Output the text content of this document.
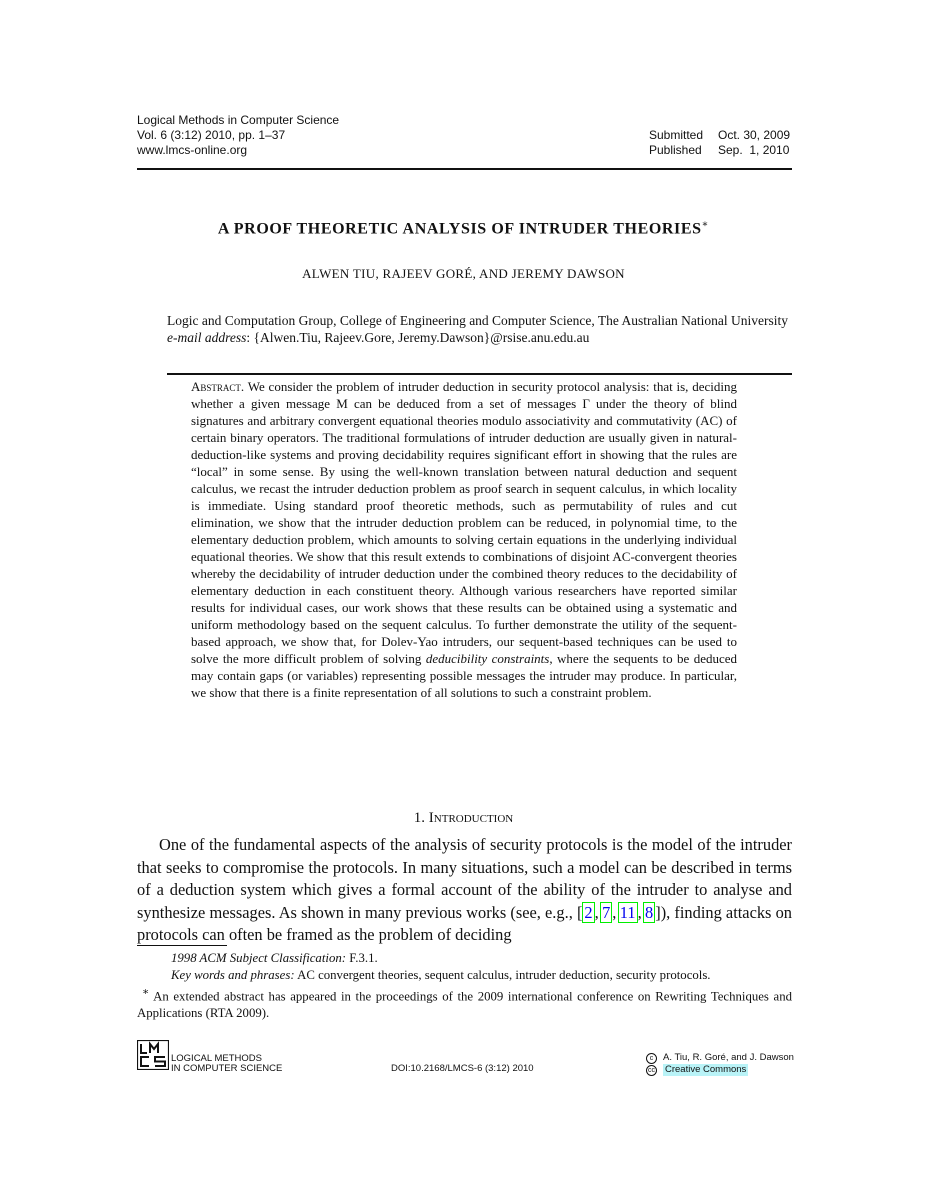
Logical Methods in Computer Science
Vol. 6 (3:12) 2010, pp. 1–37
www.lmcs-online.org
Submitted	Oct. 30, 2009
Published	Sep.  1, 2010
A PROOF THEORETIC ANALYSIS OF INTRUDER THEORIES∗
ALWEN TIU, RAJEEV GORÉ, AND JEREMY DAWSON
Logic and Computation Group, College of Engineering and Computer Science, The Australian National University
e-mail address: {Alwen.Tiu, Rajeev.Gore, Jeremy.Dawson}@rsise.anu.edu.au
Abstract. We consider the problem of intruder deduction in security protocol analysis: that is, deciding whether a given message M can be deduced from a set of messages Γ under the theory of blind signatures and arbitrary convergent equational theories modulo associativity and commutativity (AC) of certain binary operators. The traditional formulations of intruder deduction are usually given in natural-deduction-like systems and proving decidability requires significant effort in showing that the rules are “local” in some sense. By using the well-known translation between natural deduction and sequent calculus, we recast the intruder deduction problem as proof search in sequent calculus, in which locality is immediate. Using standard proof theoretic methods, such as permutability of rules and cut elimination, we show that the intruder deduction problem can be reduced, in polynomial time, to the elementary deduction problem, which amounts to solving certain equations in the underlying individual equational theories. We show that this result extends to combinations of disjoint AC-convergent theories whereby the decidability of intruder deduction under the combined theory reduces to the decidability of elementary deduction in each constituent theory. Although various researchers have reported similar results for individual cases, our work shows that these results can be obtained using a systematic and uniform methodology based on the sequent calculus. To further demonstrate the utility of the sequent-based approach, we show that, for Dolev-Yao intruders, our sequent-based techniques can be used to solve the more difficult problem of solving deducibility constraints, where the sequents to be deduced may contain gaps (or variables) representing possible messages the intruder may produce. In particular, we show that there is a finite representation of all solutions to such a constraint problem.
1. Introduction
One of the fundamental aspects of the analysis of security protocols is the model of the intruder that seeks to compromise the protocols. In many situations, such a model can be described in terms of a deduction system which gives a formal account of the ability of the intruder to analyse and synthesize messages. As shown in many previous works (see, e.g., [ 2 , 7 , 11 , 8 ]), finding attacks on protocols can often be framed as the problem of deciding
1998 ACM Subject Classification: F.3.1.
Key words and phrases: AC convergent theories, sequent calculus, intruder deduction, security protocols.
∗ An extended abstract has appeared in the proceedings of the 2009 international conference on Rewriting Techniques and Applications (RTA 2009).
LOGICAL METHODS
IN COMPUTER SCIENCE	DOI:10.2168/LMCS-6 (3:12) 2010
c	A. Tiu, R. Goré, and J. Dawson
cc Creative Commons
